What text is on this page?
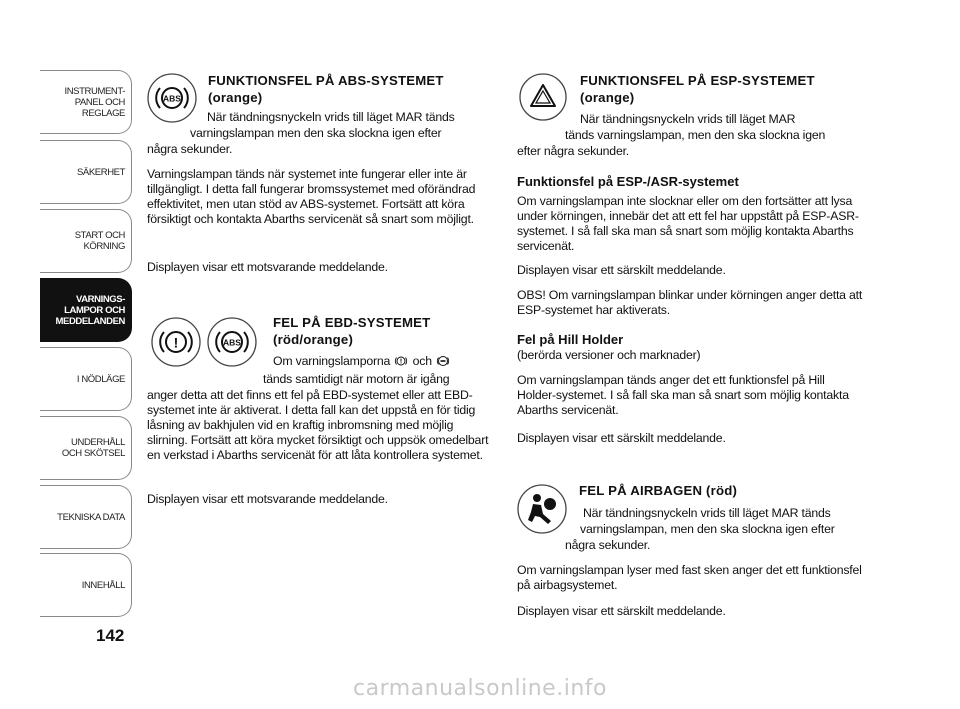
INSTRUMENT-
PANEL OCH
REGLAGE
SÄKERHET
START OCH
KÖRNING
VARNINGS-
LAMPOR OCH
MEDDELANDEN
I NÖDLÄGE
UNDERHÅLL
OCH SKÖTSEL
TEKNISKA DATA
INNEHÅLL
142
ABS
FUNKTIONSFEL PÅ ABS-SYSTEMET
(orange)
När tändningsnyckeln vrids till läget MAR tänds
varningslampan men den ska slockna igen efter
några sekunder.
Varningslampan tänds när systemet inte fungerar eller inte är tillgängligt. I detta fall fungerar bromssystemet med oförändrad effektivitet, men utan stöd av ABS-systemet. Fortsätt att köra försiktigt och kontakta Abarths servicenät så snart som möjligt.
Displayen visar ett motsvarande meddelande.
!	ABS
FEL PÅ EBD-SYSTEMET
(röd/orange)
Om varningslamporna och
tänds samtidigt när motorn är igång
anger detta att det finns ett fel på EBD-systemet eller att EBD-systemet inte är aktiverat. I detta fall kan det uppstå en för tidig låsning av bakhjulen vid en kraftig inbromsning med möjlig slirning. Fortsätt att köra mycket försiktigt och uppsök omedelbart en verkstad i Abarths servicenät för att låta kontrollera systemet.
Displayen visar ett motsvarande meddelande.
FUNKTIONSFEL PÅ ESP-SYSTEMET
(orange)
När tändningsnyckeln vrids till läget MAR
tänds varningslampan, men den ska slockna igen
efter några sekunder.
Funktionsfel på ESP-/ASR-systemet
Om varningslampan inte slocknar eller om den fortsätter att lysa under körningen, innebär det att ett fel har uppstått på ESP-ASR-systemet. I så fall ska man så snart som möjlig kontakta Abarths servicenät.
Displayen visar ett särskilt meddelande.
OBS! Om varningslampan blinkar under körningen anger detta att ESP-systemet har aktiverats.
Fel på Hill Holder
(berörda versioner och marknader)
Om varningslampan tänds anger det ett funktionsfel på Hill Holder-systemet. I så fall ska man så snart som möjlig kontakta Abarths servicenät.
Displayen visar ett särskilt meddelande.
FEL PÅ AIRBAGEN (röd)
När tändningsnyckeln vrids till läget MAR tänds
varningslampan, men den ska slockna igen efter
några sekunder.
Om varningslampan lyser med fast sken anger det ett funktionsfel på airbagsystemet.
Displayen visar ett särskilt meddelande.
carmanualsonline.info
